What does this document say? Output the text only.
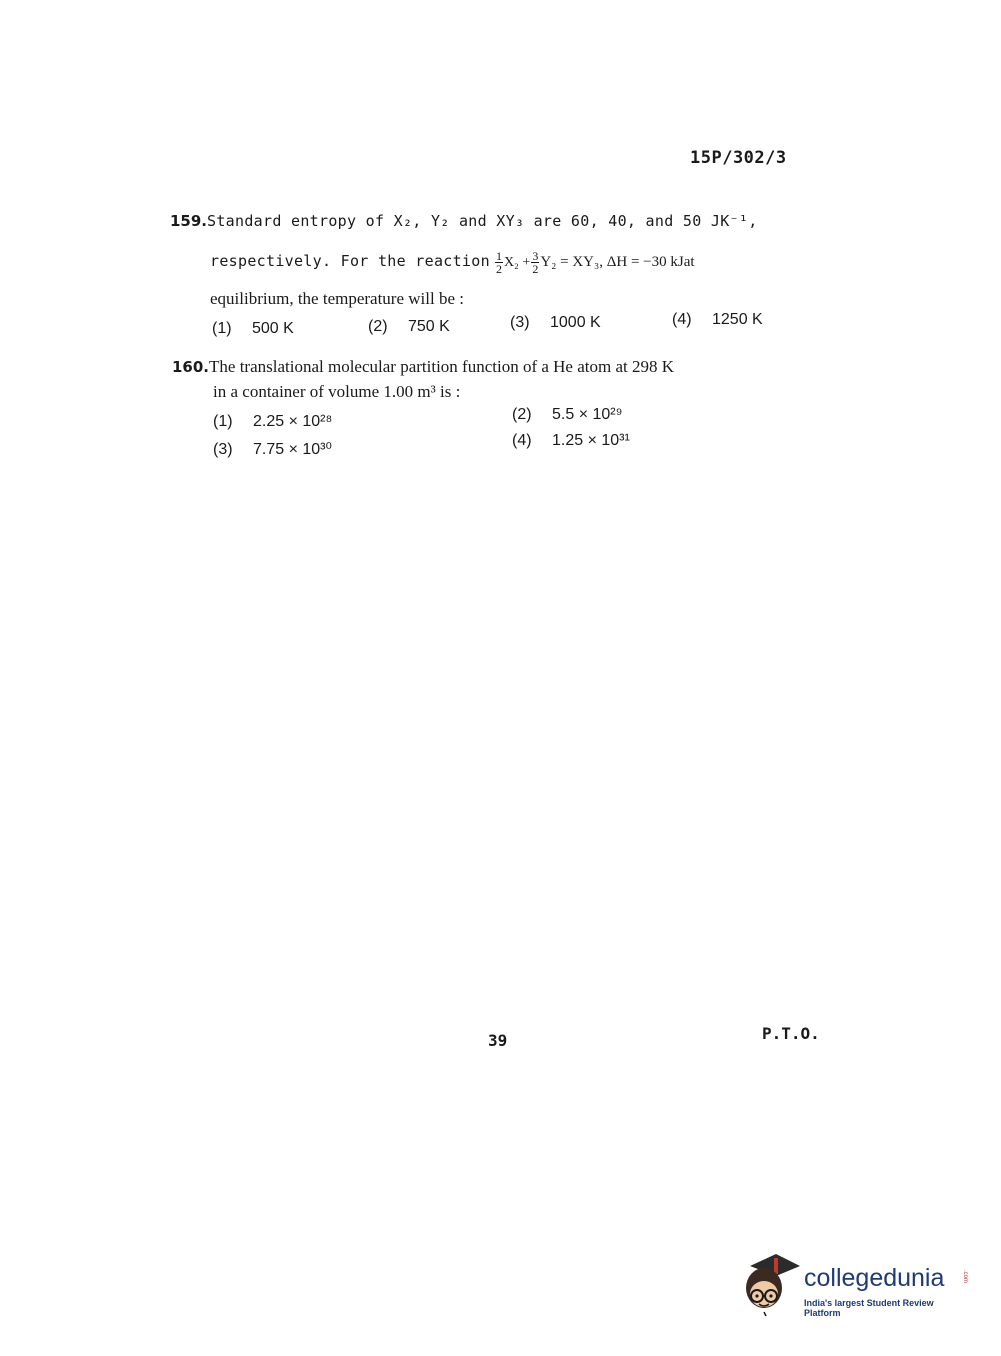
15P/302/3
159.Standard entropy of X₂, Y₂ and XY₃ are 60, 40, and 50 JK⁻¹,
respectively. For the reaction $\frac{1}{2} X_2 + \frac{3}{2} Y_2 = XY_3$, ΔH = −30 kJat
equilibrium, the temperature will be :
(1) 500 K	(2) 750 K	(3) 1000 K	(4) 1250 K
160.The translational molecular partition function of a He atom at 298 K
in a container of volume 1.00 m³ is :
(1) 2.25 × 10²⁸	(2) 5.5 × 10²⁹
(3) 7.75 × 10³⁰
(4) 1.25 × 10³¹
39	P.T.O.
collegedunia	.com
India's largest Student Review Platform
